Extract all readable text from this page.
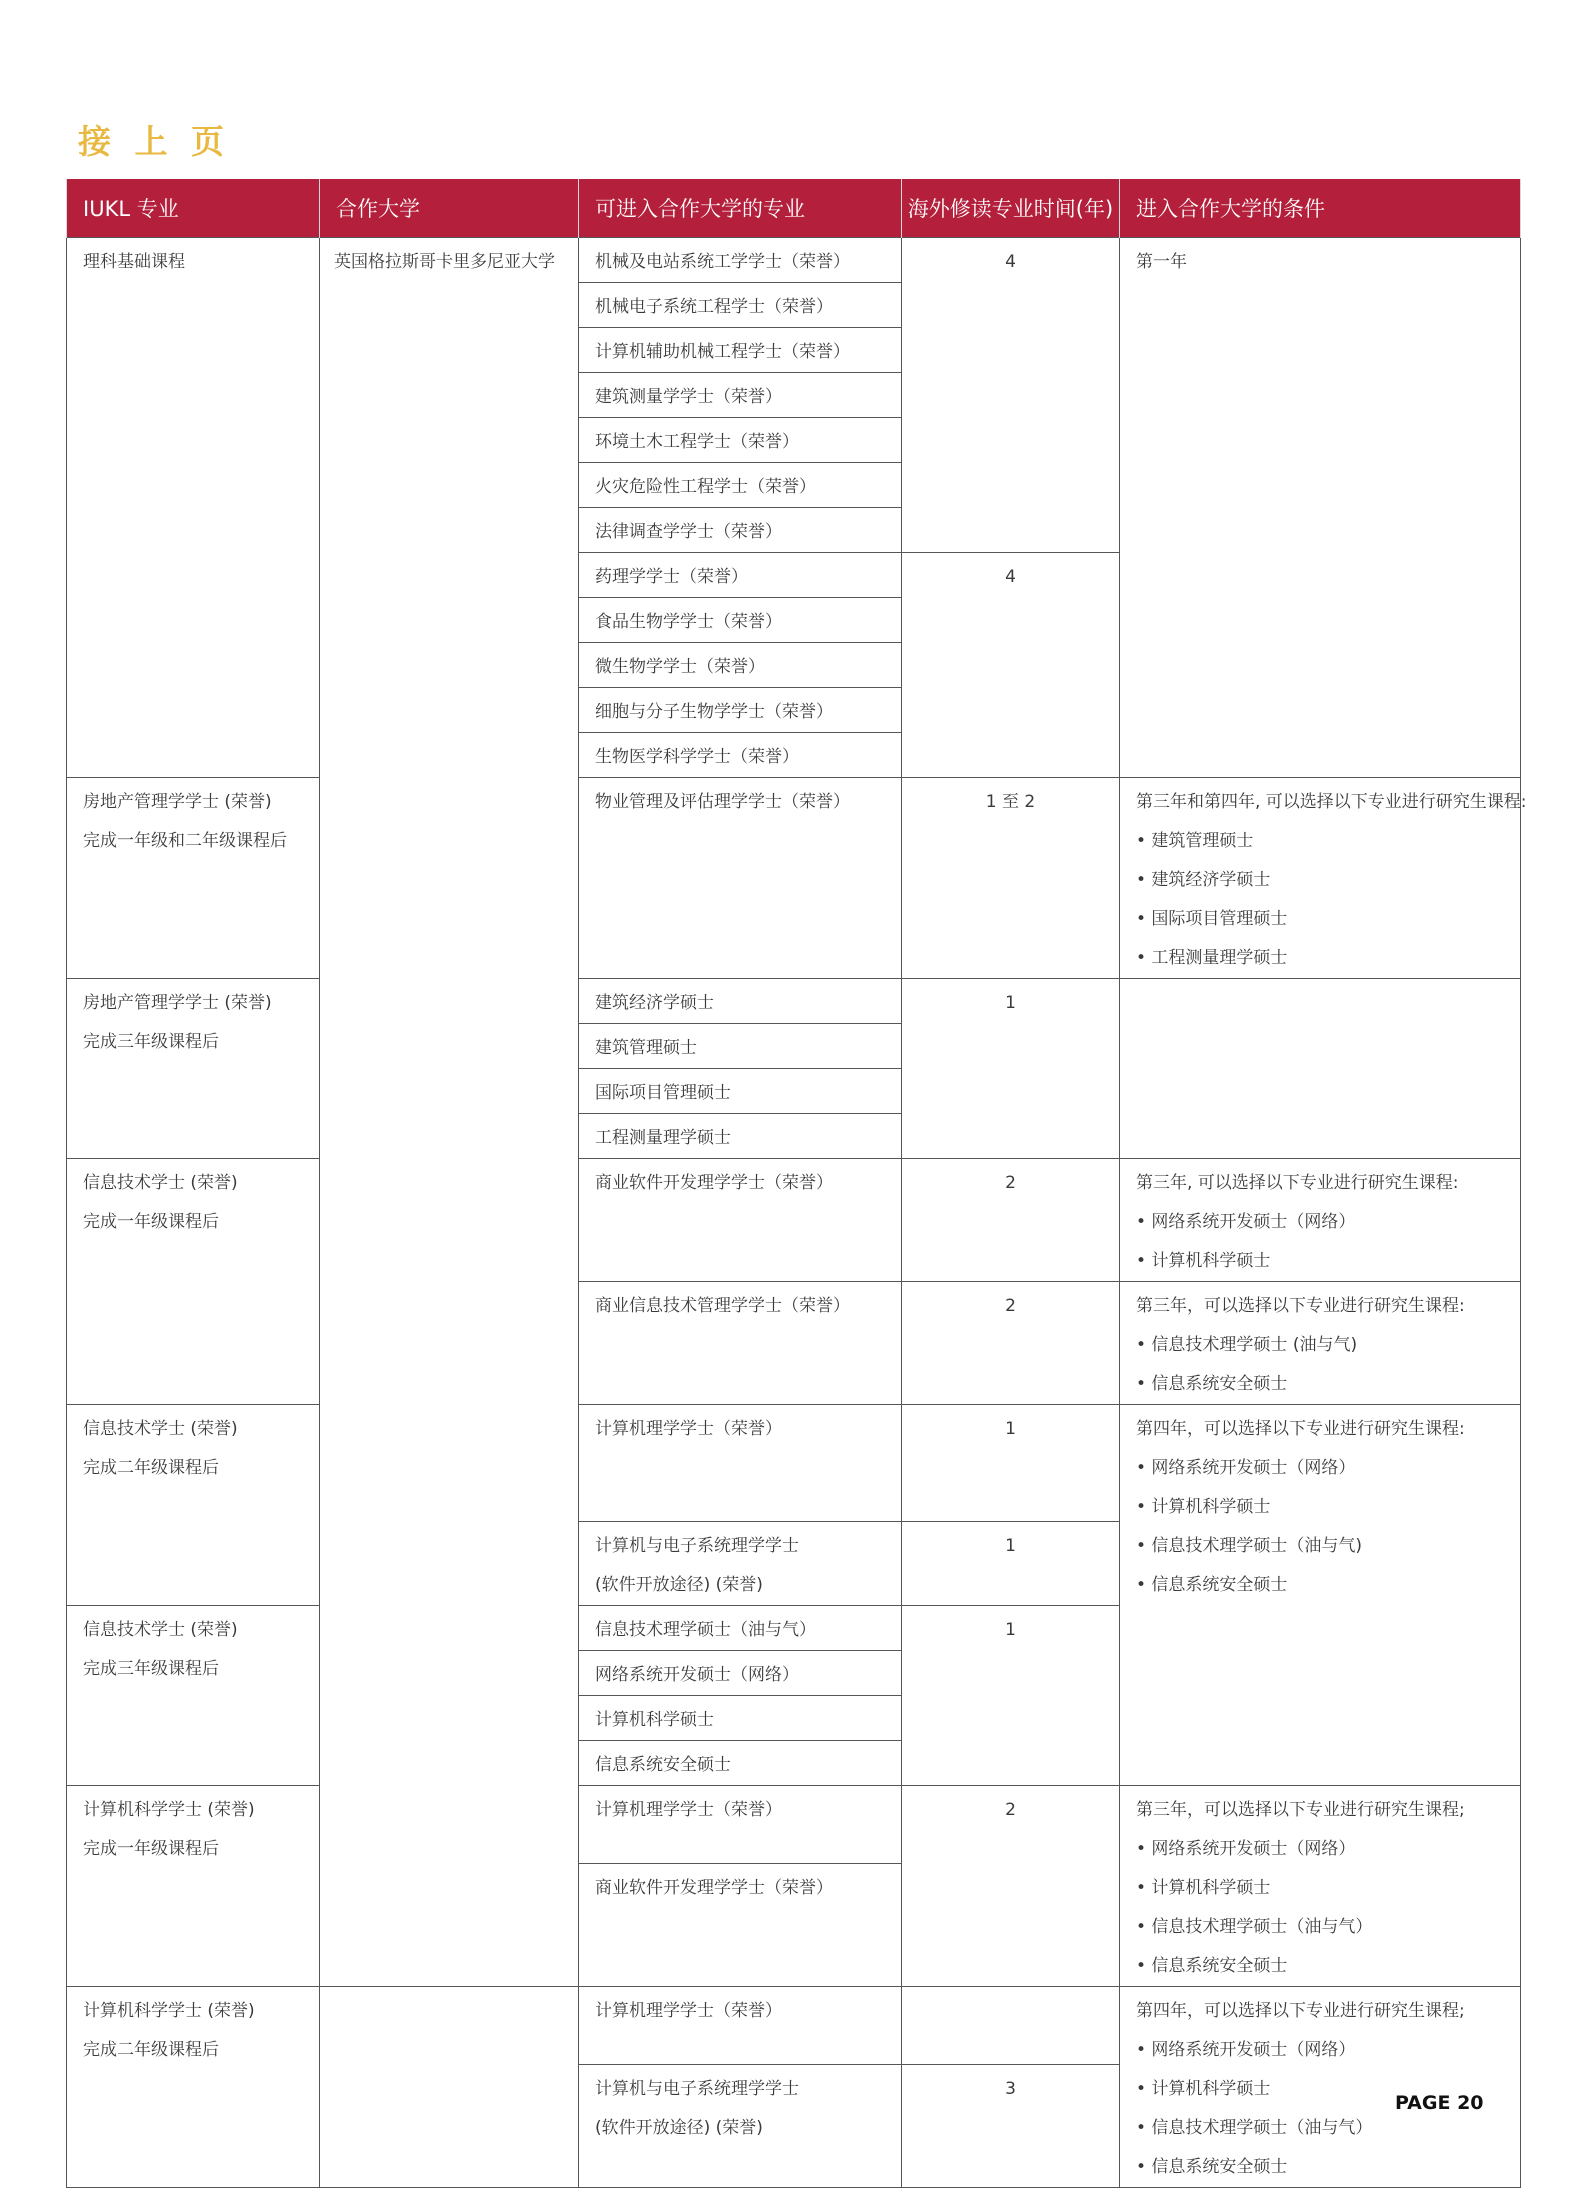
接 上 页
IUKL 专业	合作大学	可进入合作大学的专业	海外修读专业时间(年)	进入合作大学的条件

理科基础课程	英国格拉斯哥卡里多尼亚大学	机械及电站系统工学学士（荣誉）	4	第一年

		机械电子系统工程学士（荣誉）		
		计算机辅助机械工程学士（荣誉）		
		建筑测量学学士（荣誉）		
		环境土木工程学士（荣誉）		
		火灾危险性工程学士（荣誉）		
		法律调查学学士（荣誉）		
		药理学学士（荣誉）	4	
		食品生物学学士（荣誉）		
		微生物学学士（荣誉）		
		细胞与分子生物学学士（荣誉）		
		生物医学科学学士（荣誉）		

房地产管理学学士 (荣誉)
完成一年级和二年级课程后		物业管理及评估理学学士（荣誉）	1 至 2	第三年和第四年, 可以选择以下专业进行研究生课程:
• 建筑管理硕士
• 建筑经济学硕士
• 国际项目管理硕士
• 工程测量理学硕士

房地产管理学学士 (荣誉)
完成三年级课程后		建筑经济学硕士	1	
		建筑管理硕士		
		国际项目管理硕士		
		工程测量理学硕士		

信息技术学士 (荣誉)
完成一年级课程后		商业软件开发理学学士（荣誉）	2	第三年, 可以选择以下专业进行研究生课程:
• 网络系统开发硕士（网络）
• 计算机科学硕士

		商业信息技术管理学学士（荣誉）	2	第三年，可以选择以下专业进行研究生课程:
• 信息技术理学硕士 (油与气)
• 信息系统安全硕士

信息技术学士 (荣誉)
完成二年级课程后		计算机理学学士（荣誉）	1	第四年，可以选择以下专业进行研究生课程:
• 网络系统开发硕士（网络）
• 计算机科学硕士
• 信息技术理学硕士（油与气)
• 信息系统安全硕士

		计算机与电子系统理学学士
(软件开放途径) (荣誉)	1	

信息技术学士 (荣誉)
完成三年级课程后		信息技术理学硕士（油与气）	1	
		网络系统开发硕士（网络）		
		计算机科学硕士		
		信息系统安全硕士		

计算机科学学士 (荣誉)
完成一年级课程后		计算机理学学士（荣誉）	2	第三年，可以选择以下专业进行研究生课程;
• 网络系统开发硕士（网络）
• 计算机科学硕士
• 信息技术理学硕士（油与气）
• 信息系统安全硕士

		商业软件开发理学学士（荣誉）		

计算机科学学士 (荣誉)
完成二年级课程后		计算机理学学士（荣誉）		第四年，可以选择以下专业进行研究生课程;
• 网络系统开发硕士（网络）
• 计算机科学硕士
• 信息技术理学硕士（油与气）
• 信息系统安全硕士

		计算机与电子系统理学学士
(软件开放途径) (荣誉)	3	

PAGE 20
